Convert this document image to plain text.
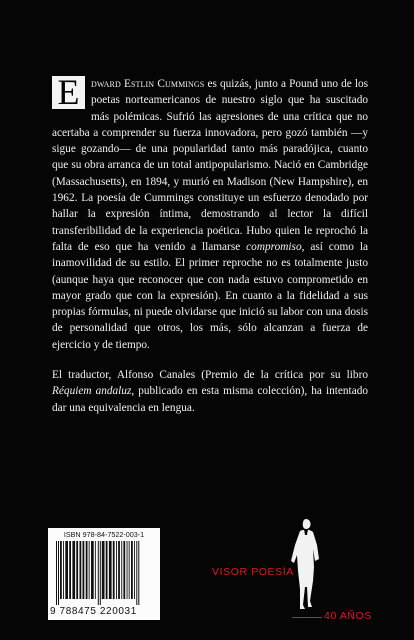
E	dward Estlin Cummings es quizás, junto a Pound uno de los poetas norteamericanos de nuestro siglo que ha suscitado más polémicas. Sufrió las agresiones de una crítica que no acertaba a comprender su fuerza innovadora, pero gozó también —y sigue gozando— de una popularidad tanto más paradójica, cuanto que su obra arranca de un total antipopularismo. Nació en Cambridge (Massachusetts), en 1894, y murió en Madison (New Hampshire), en 1962. La poesía de Cummings constituye un esfuerzo denodado por hallar la expresión íntima, demostrando al lector la difícil transferibilidad de la experiencia poética. Hubo quien le reprochó la falta de eso que ha venido a llamarse compromiso, así como la inamovilidad de su estilo. El primer reproche no es totalmente justo (aunque haya que reconocer que con nada estuvo comprometido en mayor grado que con la expresión). En cuanto a la fidelidad a sus propias fórmulas, ni puede olvidarse que inició su labor con una dosis de personalidad que otros, los más, sólo alcanzan a fuerza de ejercicio y de tiempo.

El traductor, Alfonso Canales (Premio de la crítica por su libro Réquiem andaluz, publicado en esta misma colección), ha intentado dar una equivalencia en lengua.

ISBN 978-84-7522-003-1
9 788475 220031
VISOR POESÍA
40 AÑOS
